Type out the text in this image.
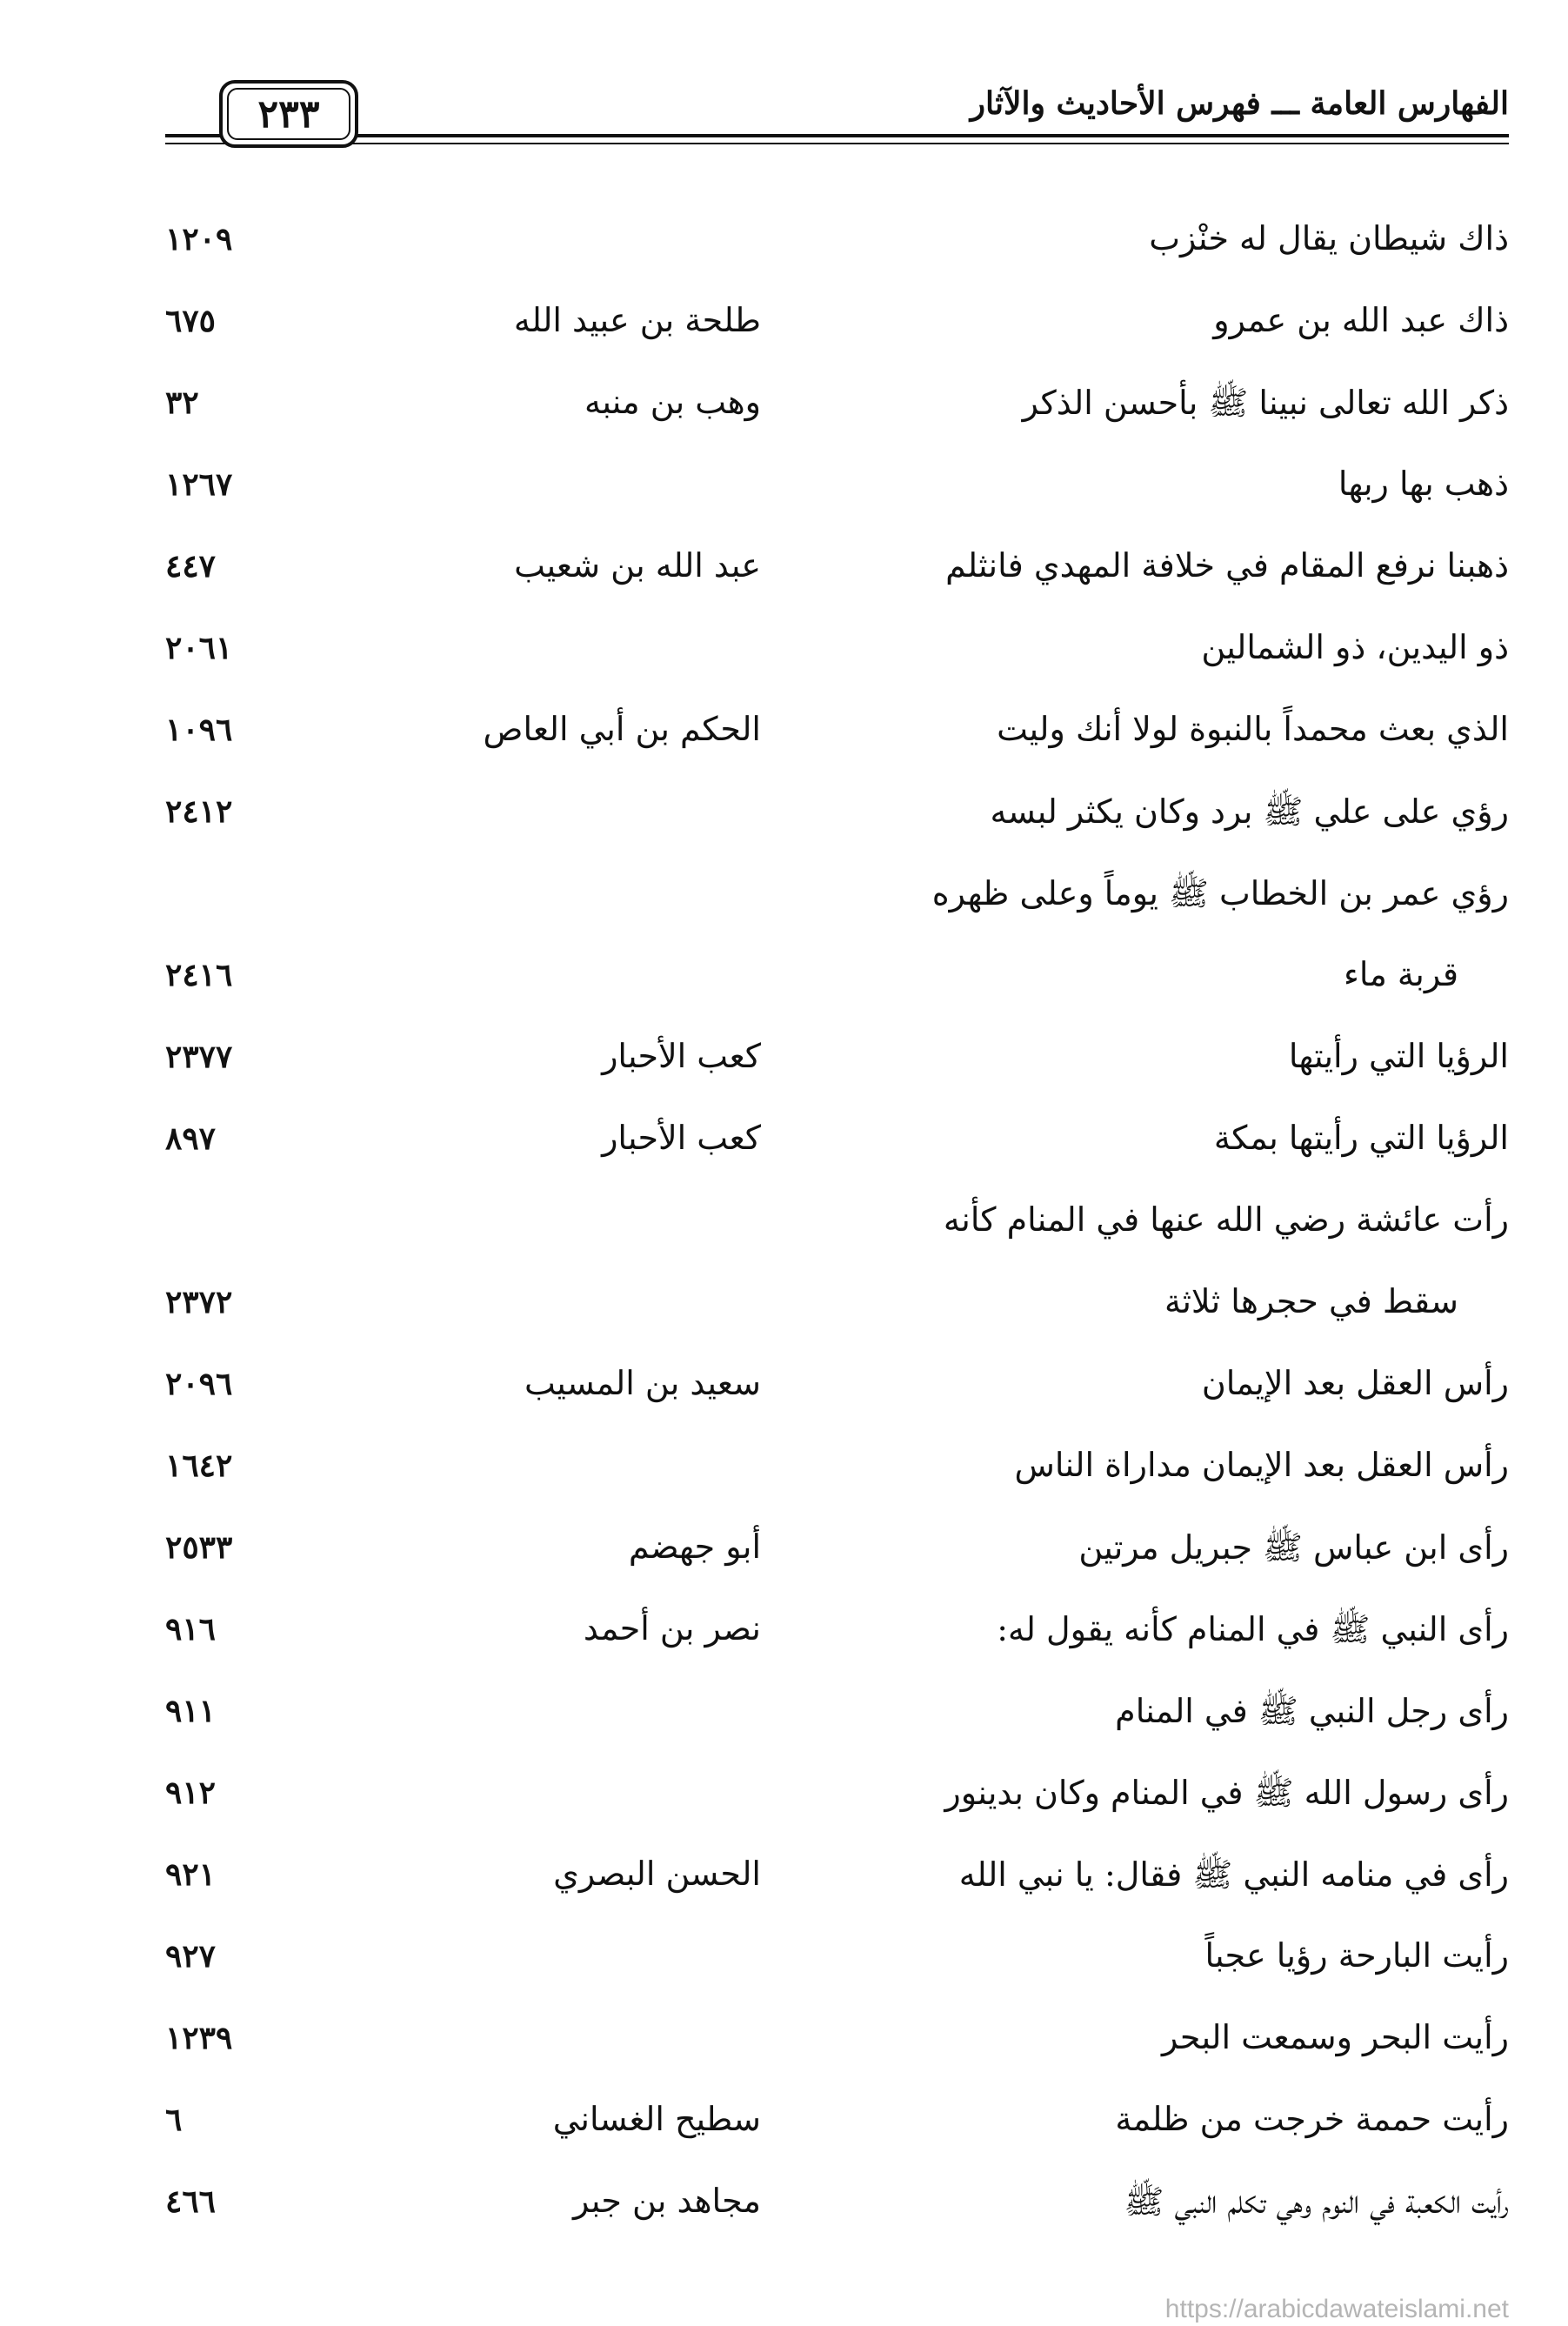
الفهارس العامة ـــ فهرس الأحاديث والآثار
٢٣٣
ذاك شيطان يقال له خنْزب
١٢٠٩
ذاك عبد الله بن عمرو
طلحة بن عبيد الله
٦٧٥
ذكر الله تعالى نبينا ﷺ بأحسن الذكر
وهب بن منبه
٣٢
ذهب بها ربها
١٢٦٧
ذهبنا نرفع المقام في خلافة المهدي فانثلم
عبد الله بن شعيب
٤٤٧
ذو اليدين، ذو الشمالين
٢٠٦١
الذي بعث محمداً بالنبوة لولا أنك وليت
الحكم بن أبي العاص
١٠٩٦
رؤي على علي ﷺ برد وكان يكثر لبسه
٢٤١٢
رؤي عمر بن الخطاب ﷺ يوماً وعلى ظهره
قربة ماء
٢٤١٦
الرؤيا التي رأيتها
كعب الأحبار
٢٣٧٧
الرؤيا التي رأيتها بمكة
كعب الأحبار
٨٩٧
رأت عائشة رضي الله عنها في المنام كأنه
سقط في حجرها ثلاثة
٢٣٧٢
رأس العقل بعد الإيمان
سعيد بن المسيب
٢٠٩٦
رأس العقل بعد الإيمان مداراة الناس
١٦٤٢
رأى ابن عباس ﷺ جبريل مرتين
أبو جهضم
٢٥٣٣
رأى النبي ﷺ في المنام كأنه يقول له:
نصر بن أحمد
٩١٦
رأى رجل النبي ﷺ في المنام
٩١١
رأى رسول الله ﷺ في المنام وكان بدينور
٩١٢
رأى في منامه النبي ﷺ فقال: يا نبي الله
الحسن البصري
٩٢١
رأيت البارحة رؤيا عجباً
٩٢٧
رأيت البحر وسمعت البحر
١٢٣٩
رأيت حممة خرجت من ظلمة
سطيح الغساني
٦
رأيت الكعبة في النوم وهي تكلم النبي ﷺ
مجاهد بن جبر
٤٦٦
https://arabicdawateislami.net
